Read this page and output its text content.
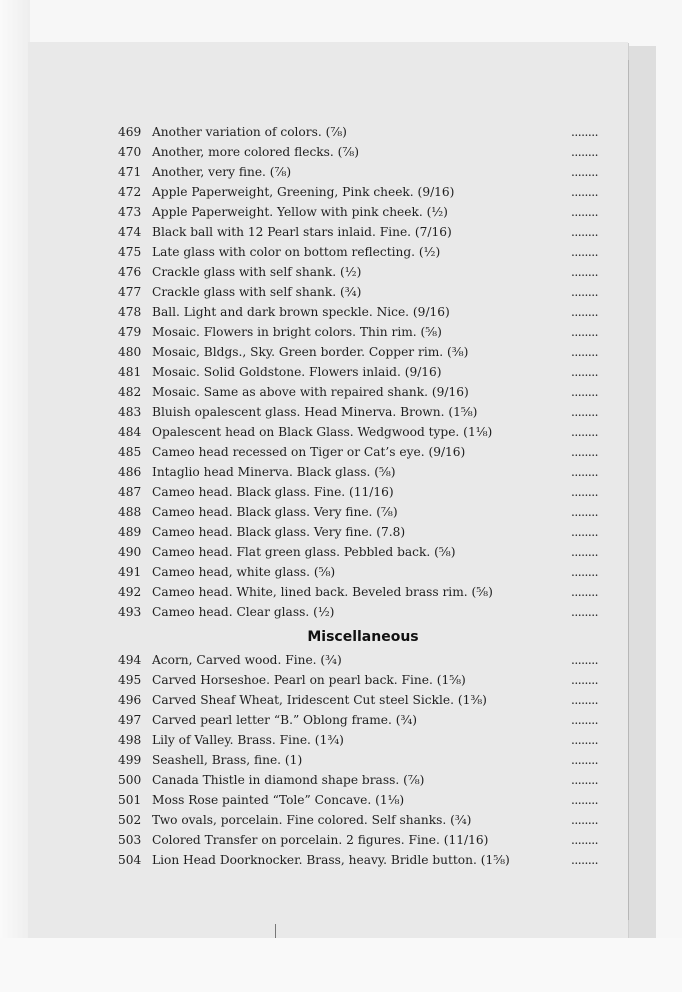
469 Another variation of colors. (⅞)	........
470 Another, more colored flecks. (⅞)	........
471 Another, very fine. (⅞)	........
472 Apple Paperweight, Greening, Pink cheek. (9/16)	........
473 Apple Paperweight. Yellow with pink cheek. (½)	........
474 Black ball with 12 Pearl stars inlaid. Fine. (7/16)	........
475 Late glass with color on bottom reflecting. (½)	........
476 Crackle glass with self shank. (½)	........
477 Crackle glass with self shank. (¾)	........
478 Ball. Light and dark brown speckle. Nice. (9/16)	........
479 Mosaic. Flowers in bright colors. Thin rim. (⅝)	........
480 Mosaic, Bldgs., Sky. Green border. Copper rim. (⅜)	........
481 Mosaic. Solid Goldstone. Flowers inlaid. (9/16)	........
482 Mosaic. Same as above with repaired shank. (9/16)	........
483 Bluish opalescent glass. Head Minerva. Brown. (1⅝)	........
484 Opalescent head on Black Glass. Wedgwood type. (1⅛)	........
485 Cameo head recessed on Tiger or Cat’s eye. (9/16)	........
486 Intaglio head Minerva. Black glass. (⅝)	........
487 Cameo head. Black glass. Fine. (11/16)	........
488 Cameo head. Black glass. Very fine. (⅞)	........
489 Cameo head. Black glass. Very fine. (7.8)	........
490 Cameo head. Flat green glass. Pebbled back. (⅝)	........
491 Cameo head, white glass. (⅝)	........
492 Cameo head. White, lined back. Beveled brass rim. (⅝)	........
493 Cameo head. Clear glass. (½)	........
Miscellaneous
494 Acorn, Carved wood. Fine. (¾)	........
495 Carved Horseshoe. Pearl on pearl back. Fine. (1⅝)	........
496 Carved Sheaf Wheat, Iridescent Cut steel Sickle. (1⅜)	........
497 Carved pearl letter “B.” Oblong frame. (¾)	........
498 Lily of Valley. Brass. Fine. (1¾)	........
499 Seashell, Brass, fine. (1)	........
500 Canada Thistle in diamond shape brass. (⅞)	........
501 Moss Rose painted “Tole” Concave. (1⅛)	........
502 Two ovals, porcelain. Fine colored. Self shanks. (¾)	........
503 Colored Transfer on porcelain. 2 figures. Fine. (11/16)	........
504 Lion Head Doorknocker. Brass, heavy. Bridle button. (1⅝)	........
